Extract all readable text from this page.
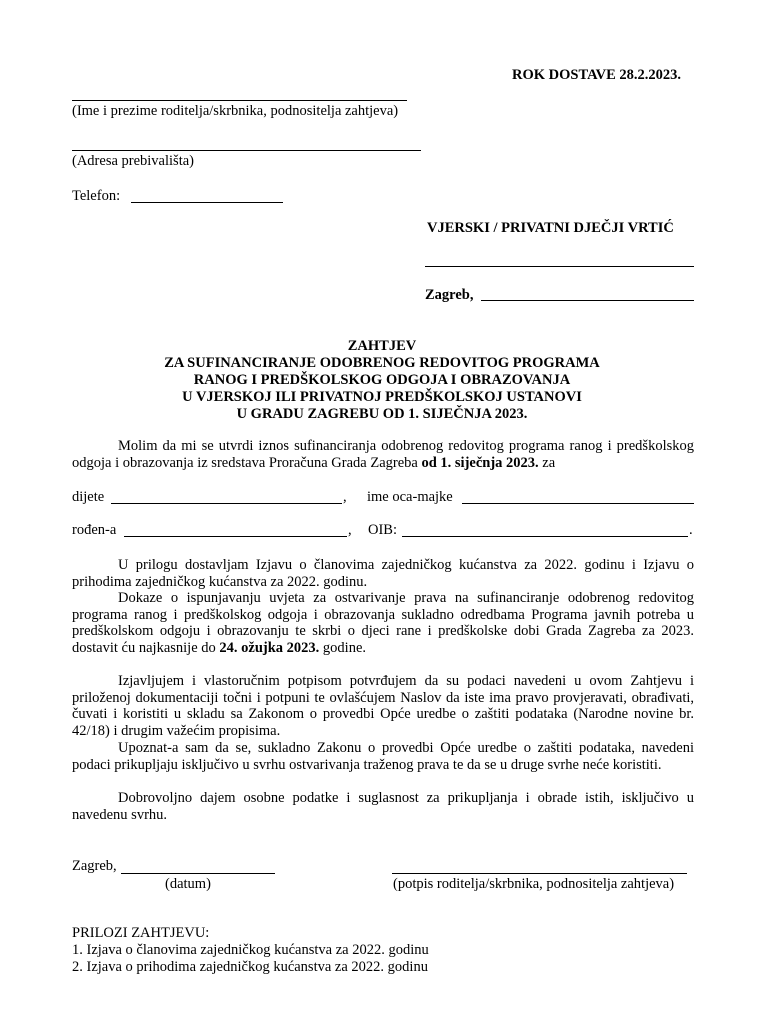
ROK DOSTAVE 28.2.2023.
(Ime i prezime roditelja/skrbnika, podnositelja zahtjeva)
(Adresa prebivališta)
Telefon:
VJERSKI / PRIVATNI DJEČJI VRTIĆ
Zagreb,
ZAHTJEV
ZA SUFINANCIRANJE ODOBRENOG REDOVITOG PROGRAMA
RANOG I PREDŠKOLSKOG ODGOJA I OBRAZOVANJA
U VJERSKOJ ILI PRIVATNOJ PREDŠKOLSKOJ USTANOVI
U GRADU ZAGREBU OD 1. SIJEČNJA 2023.
Molim da mi se utvrdi iznos sufinanciranja odobrenog redovitog programa ranog i predškolskog odgoja i obrazovanja iz sredstava Proračuna Grada Zagreba od 1. siječnja 2023. za
dijete	, ime oca-majke
rođen-a	, OIB:	.
U prilogu dostavljam Izjavu o članovima zajedničkog kućanstva za 2022. godinu i Izjavu o prihodima zajedničkog kućanstva za 2022. godinu.
Dokaze o ispunjavanju uvjeta za ostvarivanje prava na sufinanciranje odobrenog redovitog programa ranog i predškolskog odgoja i obrazovanja sukladno odredbama Programa javnih potreba u predškolskom odgoju i obrazovanju te skrbi o djeci rane i predškolske dobi Grada Zagreba za 2023. dostavit ću najkasnije do 24. ožujka 2023. godine.
Izjavljujem i vlastoručnim potpisom potvrđujem da su podaci navedeni u ovom Zahtjevu i priloženoj dokumentaciji točni i potpuni te ovlašćujem Naslov da iste ima pravo provjeravati, obrađivati, čuvati i koristiti u skladu sa Zakonom o provedbi Opće uredbe o zaštiti podataka (Narodne novine br. 42/18) i drugim važećim propisima.
Upoznat-a sam da se, sukladno Zakonu o provedbi Opće uredbe o zaštiti podataka, navedeni podaci prikupljaju isključivo u svrhu ostvarivanja traženog prava te da se u druge svrhe neće koristiti.
Dobrovoljno dajem osobne podatke i suglasnost za prikupljanja i obrade istih, isključivo u navedenu svrhu.
Zagreb,
(datum)	(potpis roditelja/skrbnika, podnositelja zahtjeva)
PRILOZI ZAHTJEVU:
1. Izjava o članovima zajedničkog kućanstva za 2022. godinu
2. Izjava o prihodima zajedničkog kućanstva za 2022. godinu
